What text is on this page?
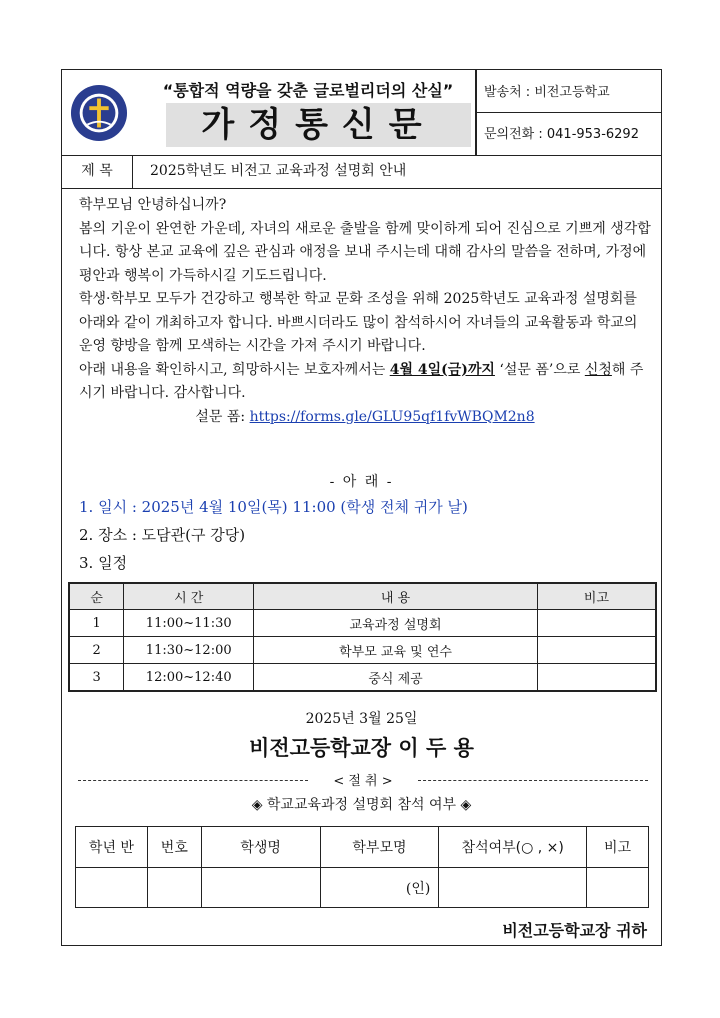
“통합적 역량을 갖춘 글로벌리더의 산실”
가정통신문
발송처 : 비전고등학교
문의전화 : 041-953-6292
제 목	2025학년도 비전고 교육과정 설명회 안내

학부모님 안녕하십니까?

봄의 기운이 완연한 가운데, 자녀의 새로운 출발을 함께 맞이하게 되어 진심으로 기쁘게 생각합니다. 항상 본교 교육에 깊은 관심과 애정을 보내 주시는데 대해 감사의 말씀을 전하며, 가정에 평안과 행복이 가득하시길 기도드립니다.

학생·학부모 모두가 건강하고 행복한 학교 문화 조성을 위해 2025학년도 교육과정 설명회를 아래와 같이 개최하고자 합니다. 바쁘시더라도 많이 참석하시어 자녀들의 교육활동과 학교의 운영 향방을 함께 모색하는 시간을 가져 주시기 바랍니다.

아래 내용을 확인하시고, 희망하시는 보호자께서는 4월 4일(금)까지 ‘설문 폼’으로 신청해 주시기 바랍니다. 감사합니다.

설문 폼: https://forms.gle/GLU95qf1fvWBQM2n8

- 아 래 -
1. 일시 : 2025년 4월 10일(목) 11:00 (학생 전체 귀가 날)
2. 장소 : 도담관(구 강당)
3. 일정
순	시 간	내 용	비고
1	11:00~11:30	교육과정 설명회	
2	11:30~12:00	학부모 교육 및 연수	
3	12:00~12:40	중식 제공	
2025년 3월 25일
비전고등학교장 이 두 용
< 절 취 >
◈ 학교교육과정 설명회 참석 여부 ◈
학년 반	번호	학생명	학부모명	참석여부(○ , ×)	비고
			(인)		
비전고등학교장 귀하
